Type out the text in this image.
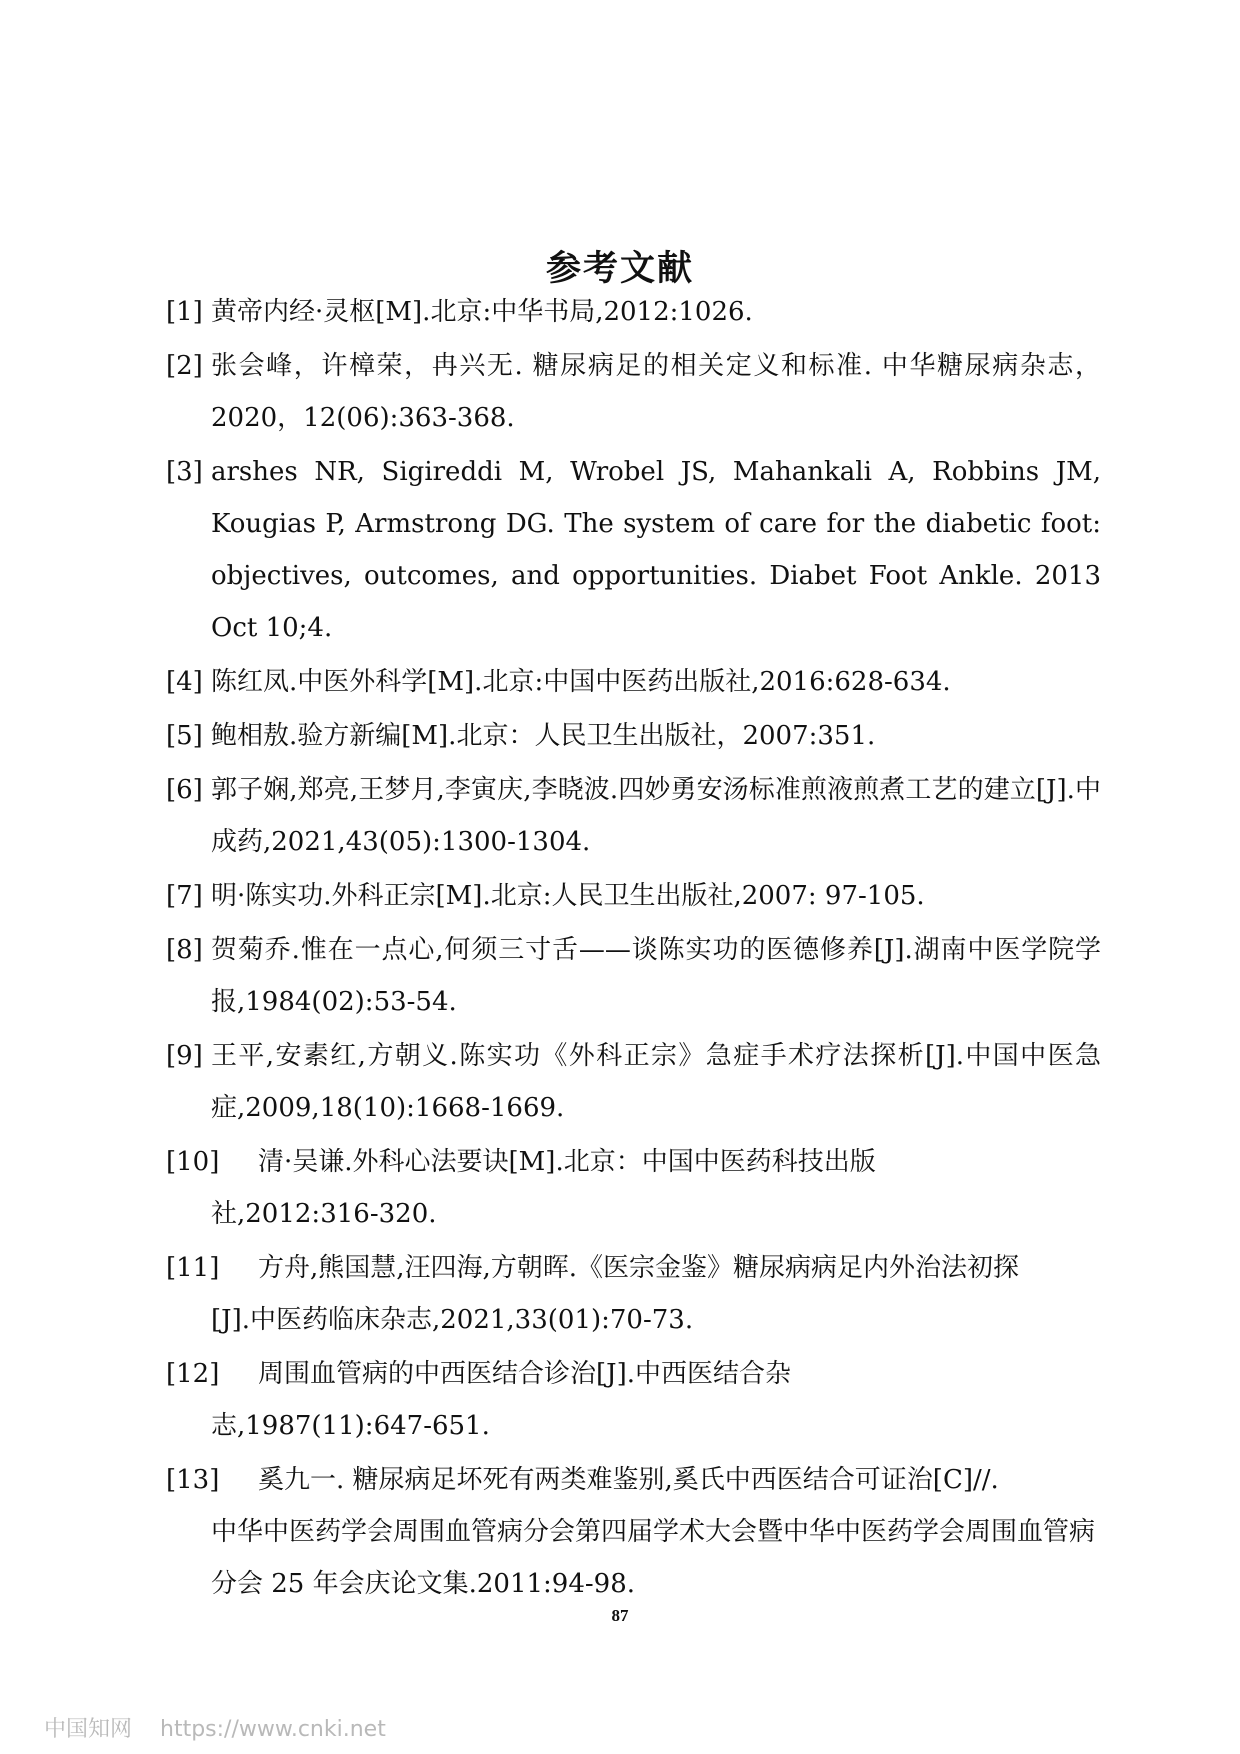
参考文献
[1] 黄帝内经·灵枢[M].北京:中华书局,2012:1026.
[2] 张会峰，许樟荣，冉兴无. 糖尿病足的相关定义和标准. 中华糖尿病杂志，2020，12(06):363-368.
[3] arshes NR, Sigireddi M, Wrobel JS, Mahankali A, Robbins JM, Kougias P, Armstrong DG. The system of care for the diabetic foot: objectives, outcomes, and opportunities. Diabet Foot Ankle. 2013 Oct 10;4.
[4] 陈红凤.中医外科学[M].北京:中国中医药出版社,2016:628-634.
[5] 鲍相敖.验方新编[M].北京：人民卫生出版社，2007:351.
[6] 郭子娴,郑亮,王梦月,李寅庆,李晓波.四妙勇安汤标准煎液煎煮工艺的建立[J].中成药,2021,43(05):1300-1304.
[7] 明·陈实功.外科正宗[M].北京:人民卫生出版社,2007: 97-105.
[8] 贺菊乔.惟在一点心,何须三寸舌——谈陈实功的医德修养[J].湖南中医学院学报,1984(02):53-54.
[9] 王平,安素红,方朝义.陈实功《外科正宗》急症手术疗法探析[J].中国中医急症,2009,18(10):1668-1669.
[10] 清·吴谦.外科心法要诀[M].北京：中国中医药科技出版
社,2012:316-320.
[11] 方舟,熊国慧,汪四海,方朝晖.《医宗金鉴》糖尿病病足内外治法初探
[J].中医药临床杂志,2021,33(01):70-73.
[12] 周围血管病的中西医结合诊治[J].中西医结合杂
志,1987(11):647-651.
[13] 奚九一. 糖尿病足坏死有两类难鉴别,奚氏中西医结合可证治[C]//.
中华中医药学会周围血管病分会第四届学术大会暨中华中医药学会周围血管病分会 25 年会庆论文集.2011:94-98.
87
中国知网 https://www.cnki.net
